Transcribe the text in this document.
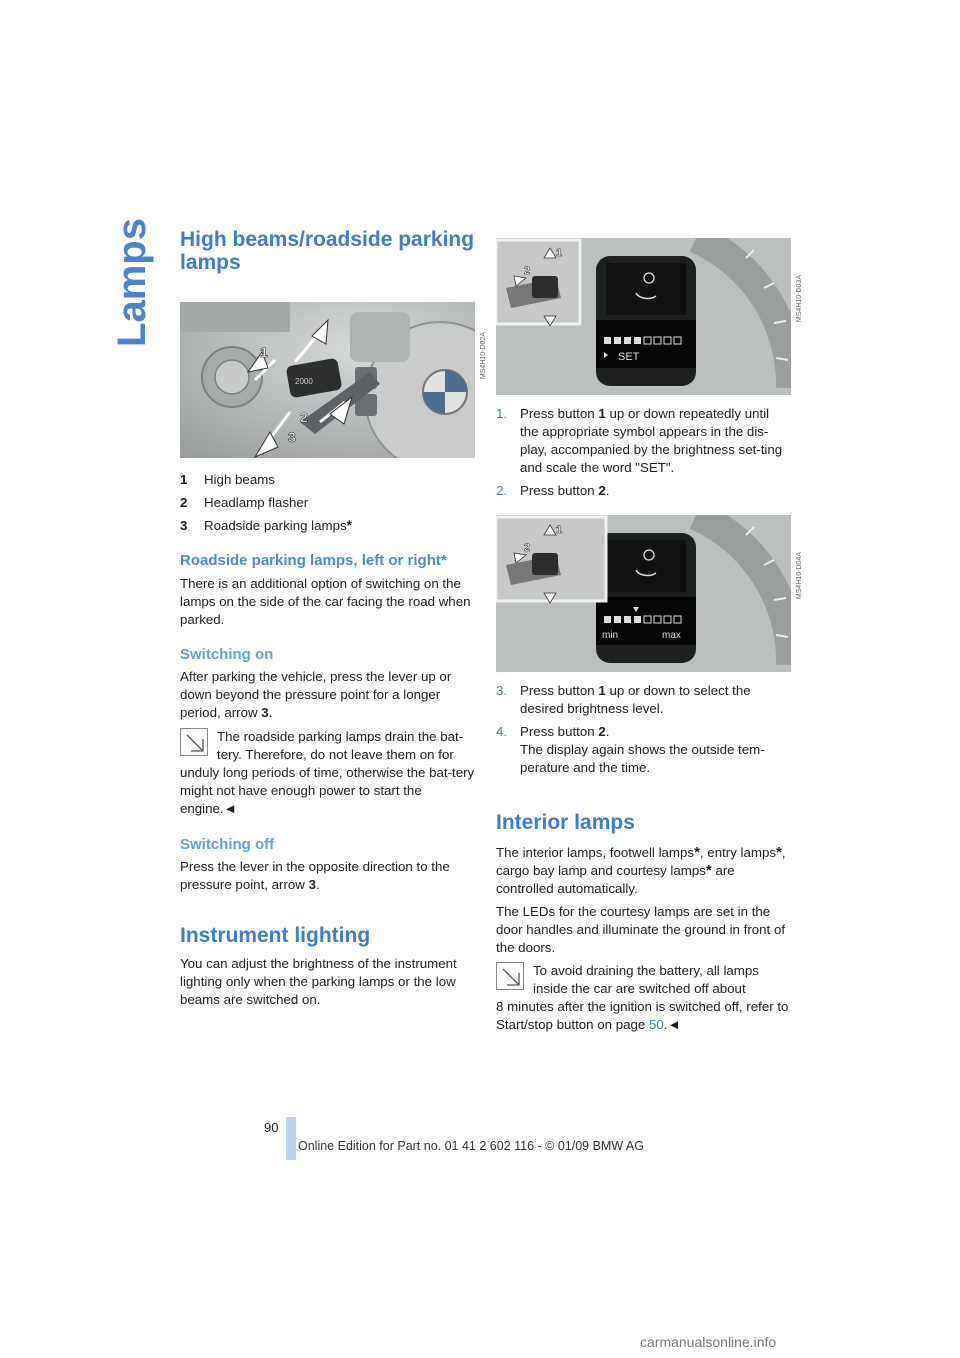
Lamps High beams/roadside parking lamps
2000
1
2
3
MS4H10-D02A
1	High beams
2	Headlamp flasher
3	Roadside parking lamps *
Roadside parking lamps, left or right*

There is an additional option of switching on the lamps on the side of the car facing the road when parked.

Switching on

After parking the vehicle, press the lever up or down beyond the pressure point for a longer period, arrow 3.

The roadside parking lamps drain the bat-tery. Therefore, do not leave them on for
unduly long periods of time, otherwise the bat-tery might not have enough power to start the engine.◄
Switching off

Press the lever in the opposite direction to the pressure point, arrow 3.

Instrument lighting

You can adjust the brightness of the instrument lighting only when the parking lamps or the low beams are switched on.

SET
1
2
MS4H10-D03A
1. Press button 1 up or down repeatedly until the appropriate symbol appears in the dis-play, accompanied by the brightness set-ting and scale the word "SET".
2. Press button 2.
min	max
1
2
MS4H10-D04A
3. Press button 1 up or down to select the desired brightness level.
4. Press button 2.
The display again shows the outside tem-perature and the time.
Interior lamps

The interior lamps, footwell lamps*, entry lamps*, cargo bay lamp and courtesy lamps* are controlled automatically.

The LEDs for the courtesy lamps are set in the door handles and illuminate the ground in front of the doors.

To avoid draining the battery, all lamps inside the car are switched off about
8 minutes after the ignition is switched off, refer to Start/stop button on page 50.◄
90
Online Edition for Part no. 01 41 2 602 116 - © 01/09 BMW AG
carmanualsonline.info
